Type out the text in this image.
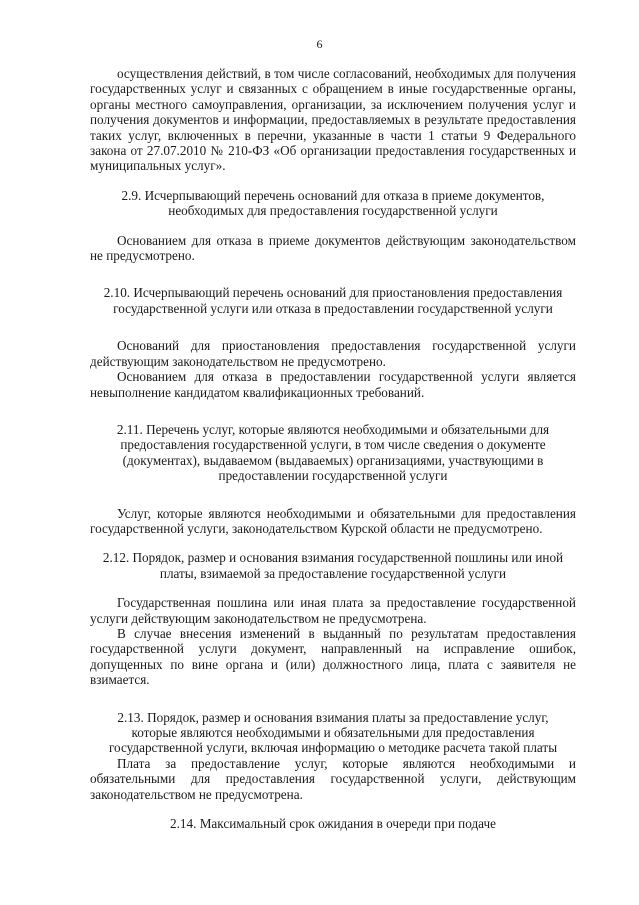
6

осуществления действий, в том числе согласований, необходимых для получения государственных услуг и связанных с обращением в иные государственные органы, органы местного самоуправления, организации, за исключением получения услуг и получения документов и информации, предоставляемых в результате предоставления таких услуг, включенных в перечни, указанные в части 1 статьи 9 Федерального закона от 27.07.2010 № 210-ФЗ «Об организации предоставления государственных и муниципальных услуг».

2.9. Исчерпывающий перечень оснований для отказа в приеме документов, необходимых для предоставления государственной услуги

Основанием для отказа в приеме документов действующим законодательством не предусмотрено.

2.10. Исчерпывающий перечень оснований для приостановления предоставления государственной услуги или отказа в предоставлении государственной услуги

Оснований для приостановления предоставления государственной услуги действующим законодательством не предусмотрено.

Основанием для отказа в предоставлении государственной услуги является невыполнение кандидатом квалификационных требований.

2.11. Перечень услуг, которые являются необходимыми и обязательными для предоставления государственной услуги, в том числе сведения о документе (документах), выдаваемом (выдаваемых) организациями, участвующими в предоставлении государственной услуги

Услуг, которые являются необходимыми и обязательными для предоставления государственной услуги, законодательством Курской области не предусмотрено.

2.12. Порядок, размер и основания взимания государственной пошлины или иной платы, взимаемой за предоставление государственной услуги

Государственная пошлина или иная плата за предоставление государственной услуги действующим законодательством не предусмотрена.

В случае внесения изменений в выданный по результатам предоставления государственной услуги документ, направленный на исправление ошибок, допущенных по вине органа и (или) должностного лица, плата с заявителя не взимается.

2.13. Порядок, размер и основания взимания платы за предоставление услуг, которые являются необходимыми и обязательными для предоставления государственной услуги, включая информацию о методике расчета такой платы

Плата за предоставление услуг, которые являются необходимыми и обязательными для предоставления государственной услуги, действующим законодательством не предусмотрена.

2.14. Максимальный срок ожидания в очереди при подаче
